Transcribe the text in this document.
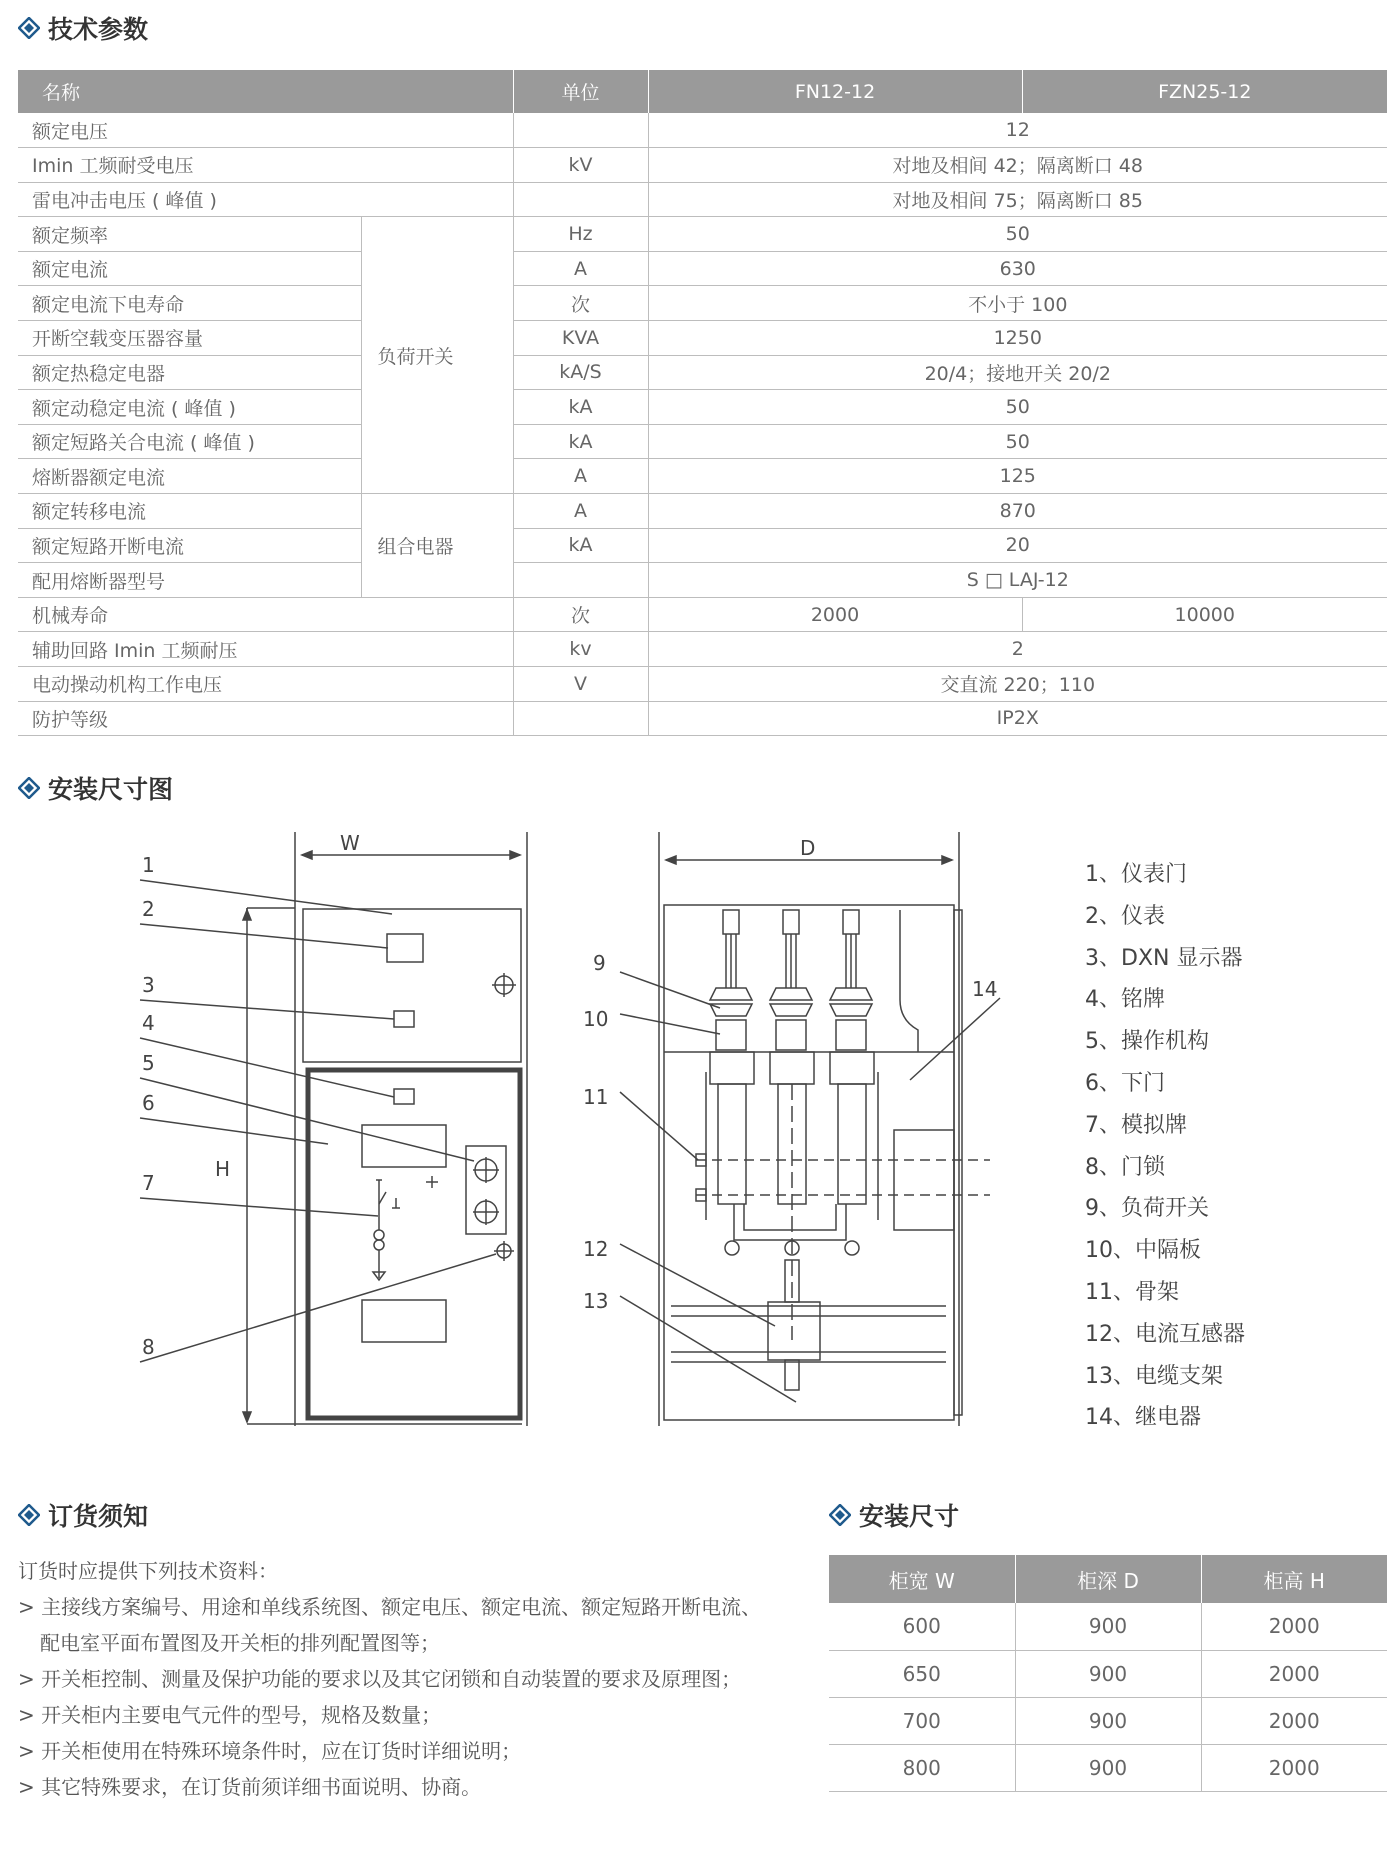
技术参数
名称		单位	FN12-12	FZN25-12
额定电压			12	
Imin 工频耐受电压		kV	对地及相间 42；隔离断口 48	
雷电冲击电压 ( 峰值 )			对地及相间 75；隔离断口 85	
额定频率	负荷开关	Hz	50	
额定电流		A	630	
额定电流下电寿命		次	不小于 100	
开断空载变压器容量		KVA	1250	
额定热稳定电器		kA/S	20/4；接地开关 20/2	
额定动稳定电流 ( 峰值 )		kA	50	
额定短路关合电流 ( 峰值 )		kA	50	
熔断器额定电流		A	125	
额定转移电流	组合电器	A	870	
额定短路开断电流		kA	20	
配用熔断器型号			S □ LAJ-12	
机械寿命		次	2000	10000
辅助回路 Imin 工频耐压		kv	2	
电动操动机构工作电压		V	交直流 220；110	
防护等级			IP2X	
安装尺寸图
W	D
H
1
2
3
4
5
6
7
8
9
10
11
12
13
14
1、仪表门
2、仪表
3、DXN 显示器
4、铭牌
5、操作机构
6、下门
7、模拟牌
8、门锁
9、负荷开关
10、中隔板
11、骨架
12、电流互感器
13、电缆支架
14、继电器
订货须知
订货时应提供下列技术资料：
> 主接线方案编号、用途和单线系统图、额定电压、额定电流、额定短路开断电流、
配电室平面布置图及开关柜的排列配置图等；
> 开关柜控制、测量及保护功能的要求以及其它闭锁和自动装置的要求及原理图；
> 开关柜内主要电气元件的型号，规格及数量；
> 开关柜使用在特殊环境条件时，应在订货时详细说明；
> 其它特殊要求，在订货前须详细书面说明、协商。
安装尺寸
柜宽 W	柜深 D	柜高 H
600	900	2000
650	900	2000
700	900	2000
800	900	2000
